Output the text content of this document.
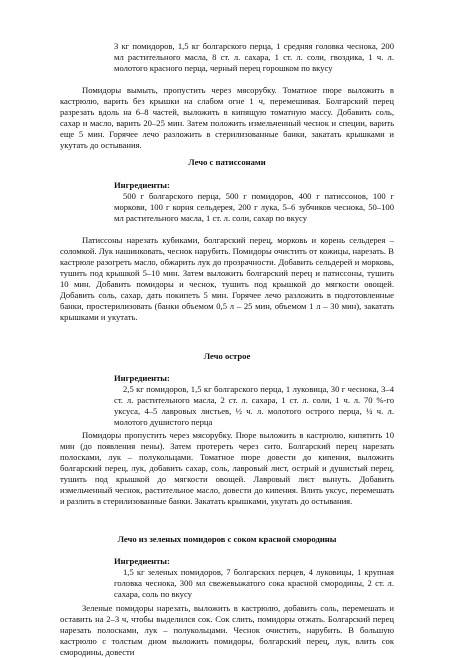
3 кг помидоров, 1,5 кг болгарского перца, 1 средняя головка чеснока, 200 мл растительного масла, 8 ст. л. сахара, 1 ст. л. соли, гвоздика, 1 ч. л. молотого красного перца, черный перец горошком по вкусу

Помидоры вымыть, пропустить через мясорубку. Томатное пюре выложить в кастрюлю, варить без крышки на слабом огне 1 ч, перемешивая. Болгарский перец разрезать вдоль на 6–8 частей, выложить в кипящую томатную массу. Добавить соль, сахар и масло, варить 20–25 мин. Затем положить измельченный чеснок и специи, варить еще 5 мин. Горячее лечо разложить в стерилизованные банки, закатать крышками и укутать до остывания.

Лечо с патиссонами

Ингредиенты:

500 г болгарского перца, 500 г помидоров, 400 г патиссонов, 100 г моркови, 100 г корня сельдерея, 200 г лука, 5–6 зубчиков чеснока, 50–100 мл растительного масла, 1 ст. л. соли, сахар по вкусу

Патиссоны нарезать кубиками, болгарский перец, морковь и корень сельдерея – соломкой. Лук нашинковать, чеснок нарубить. Помидоры очистить от кожицы, нарезать. В кастрюле разогреть масло, обжарить лук до прозрачности. Добавить сельдерей и морковь, тушить под крышкой 5–10 мин. Затем выложить болгарский перец и патиссоны, тушить 10 мин. Добавить помидоры и чеснок, тушить под крышкой до мягкости овощей. Добавить соль, сахар, дать покипеть 5 мин. Горячее лечо разложить в подготовленные банки, простерилизовать (банки объемом 0,5 л – 25 мин, объемом 1 л – 30 мин), закатать крышками и укутать.

Лечо острое

Ингредиенты:

2,5 кг помидоров, 1,5 кг болгарского перца, 1 луковица, 30 г чеснока, 3–4 ст. л. растительного масла, 2 ст. л. сахара, 1 ст. л. соли, 1 ч. л. 70 %-го уксуса, 4–5 лавровых листьев, ½ ч. л. молотого острого перца, ¼ ч. л. молотого душистого перца

Помидоры пропустить через мясорубку. Пюре выложить в кастрюлю, кипятить 10 мин (до появления пены). Затем протереть через сито. Болгарский перец нарезать полосками, лук – полукольцами. Томатное пюре довести до кипения, выложить болгарский перец, лук, добавить сахар, соль, лавровый лист, острый и душистый перец, тушить под крышкой до мягкости овощей. Лавровый лист вынуть. Добавить измельченный чеснок, растительное масло, довести до кипения. Влить уксус, перемешать и разлить в стерилизованные банки. Закатать крышками, укутать до остывания.

Лечо из зеленых помидоров с соком красной смородины

Ингредиенты:

1,5 кг зеленых помидоров, 7 болгарских перцев, 4 луковицы, 1 крупная головка чеснока, 300 мл свежевыжатого сока красной смородины, 2 ст. л. сахара, соль по вкусу

Зеленые помидоры нарезать, выложить в кастрюлю, добавить соль, перемешать и оставить на 2–3 ч, чтобы выделился сок. Сок слить, помидоры отжать. Болгарский перец нарезать полосками, лук – полукольцами. Чеснок очистить, нарубить. В большую кастрюлю с толстым дном выложить помидоры, болгарский перец, лук, влить сок смородины, довести
